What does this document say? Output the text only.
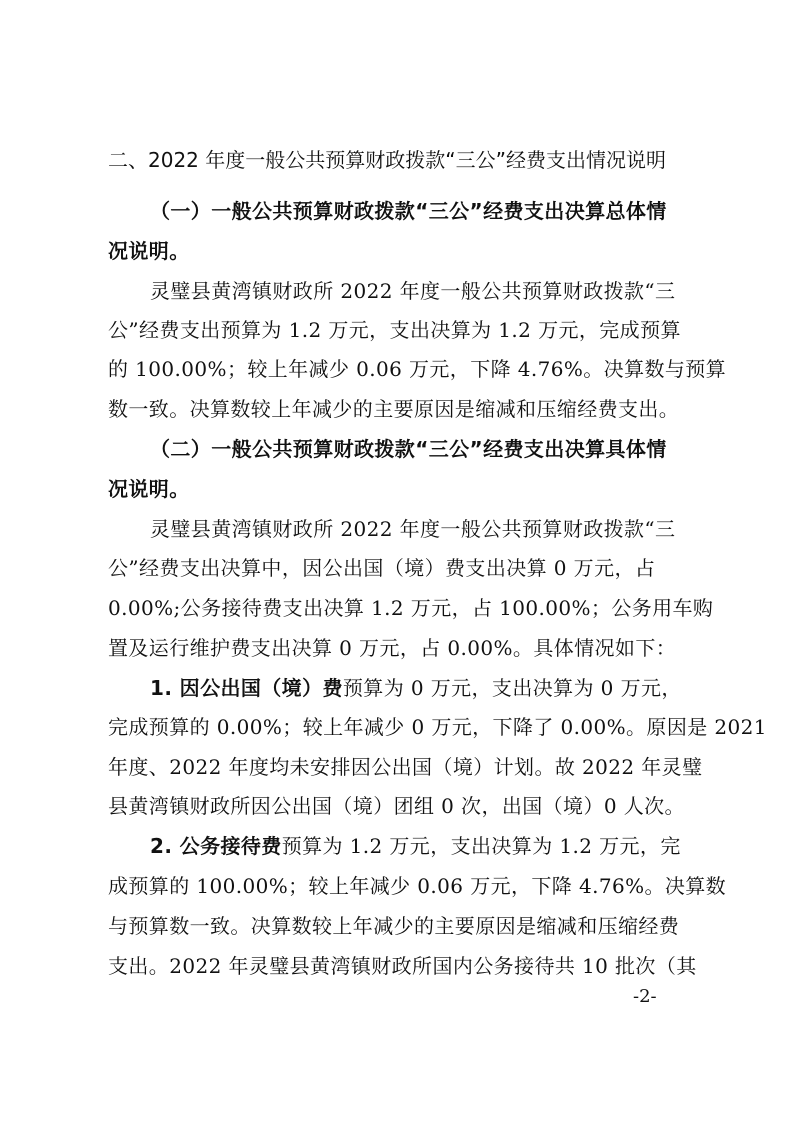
二、2022 年度一般公共预算财政拨款“三公”经费支出情况说明
（一）一般公共预算财政拨款“三公”经费支出决算总体情
况说明。
灵璧县黄湾镇财政所 2022 年度一般公共预算财政拨款“三
公”经费支出预算为 1.2 万元，支出决算为 1.2 万元，完成预算
的 100.00%；较上年减少 0.06 万元，下降 4.76%。决算数与预算
数一致。决算数较上年减少的主要原因是缩减和压缩经费支出。
（二）一般公共预算财政拨款“三公”经费支出决算具体情
况说明。
灵璧县黄湾镇财政所 2022 年度一般公共预算财政拨款“三
公”经费支出决算中，因公出国（境）费支出决算 0 万元，占
0.00%;公务接待费支出决算 1.2 万元，占 100.00%；公务用车购
置及运行维护费支出决算 0 万元，占 0.00%。具体情况如下：
1. 因公出国（境）费预算为 0 万元，支出决算为 0 万元，
完成预算的 0.00%；较上年减少 0 万元，下降了 0.00%。原因是 2021
年度、2022 年度均未安排因公出国（境）计划。故 2022 年灵璧
县黄湾镇财政所因公出国（境）团组 0 次，出国（境）0 人次。
2. 公务接待费预算为 1.2 万元，支出决算为 1.2 万元，完
成预算的 100.00%；较上年减少 0.06 万元，下降 4.76%。决算数
与预算数一致。决算数较上年减少的主要原因是缩减和压缩经费
支出。2022 年灵璧县黄湾镇财政所国内公务接待共 10 批次（其
-2-
